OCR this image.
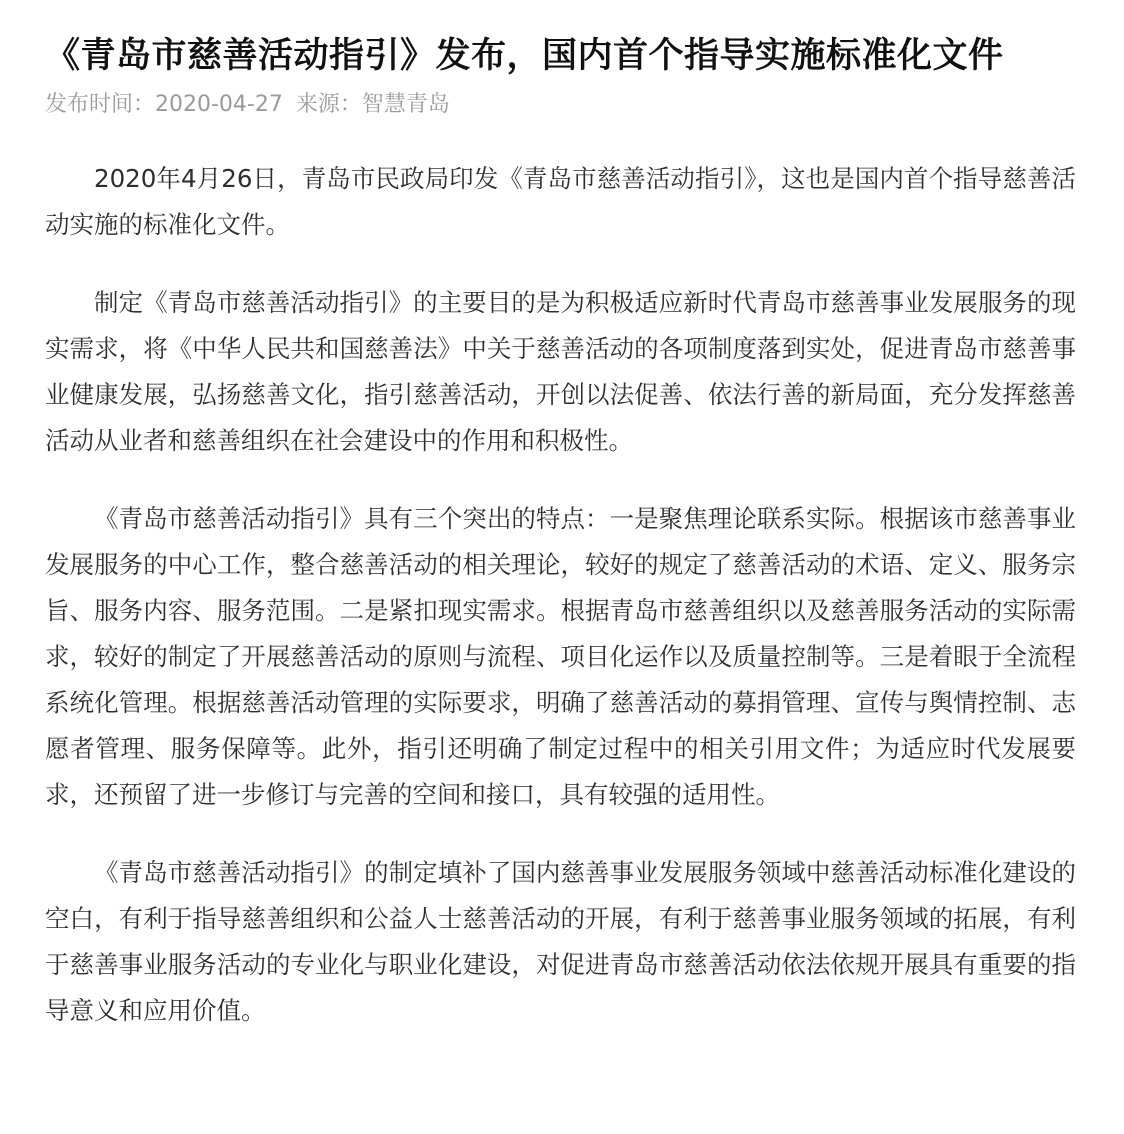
《青岛市慈善活动指引》发布，国内首个指导实施标准化文件
发布时间：2020-04-27 来源：智慧青岛

2020年4月26日，青岛市民政局印发《青岛市慈善活动指引》，这也是国内首个指导慈善活动实施的标准化文件。

制定《青岛市慈善活动指引》的主要目的是为积极适应新时代青岛市慈善事业发展服务的现实需求，将《中华人民共和国慈善法》中关于慈善活动的各项制度落到实处，促进青岛市慈善事业健康发展，弘扬慈善文化，指引慈善活动，开创以法促善、依法行善的新局面，充分发挥慈善活动从业者和慈善组织在社会建设中的作用和积极性。

《青岛市慈善活动指引》具有三个突出的特点：一是聚焦理论联系实际。根据该市慈善事业发展服务的中心工作，整合慈善活动的相关理论，较好的规定了慈善活动的术语、定义、服务宗旨、服务内容、服务范围。二是紧扣现实需求。根据青岛市慈善组织以及慈善服务活动的实际需求，较好的制定了开展慈善活动的原则与流程、项目化运作以及质量控制等。三是着眼于全流程系统化管理。根据慈善活动管理的实际要求，明确了慈善活动的募捐管理、宣传与舆情控制、志愿者管理、服务保障等。此外，指引还明确了制定过程中的相关引用文件；为适应时代发展要求，还预留了进一步修订与完善的空间和接口，具有较强的适用性。

《青岛市慈善活动指引》的制定填补了国内慈善事业发展服务领域中慈善活动标准化建设的空白，有利于指导慈善组织和公益人士慈善活动的开展，有利于慈善事业服务领域的拓展，有利于慈善事业服务活动的专业化与职业化建设，对促进青岛市慈善活动依法依规开展具有重要的指导意义和应用价值。
